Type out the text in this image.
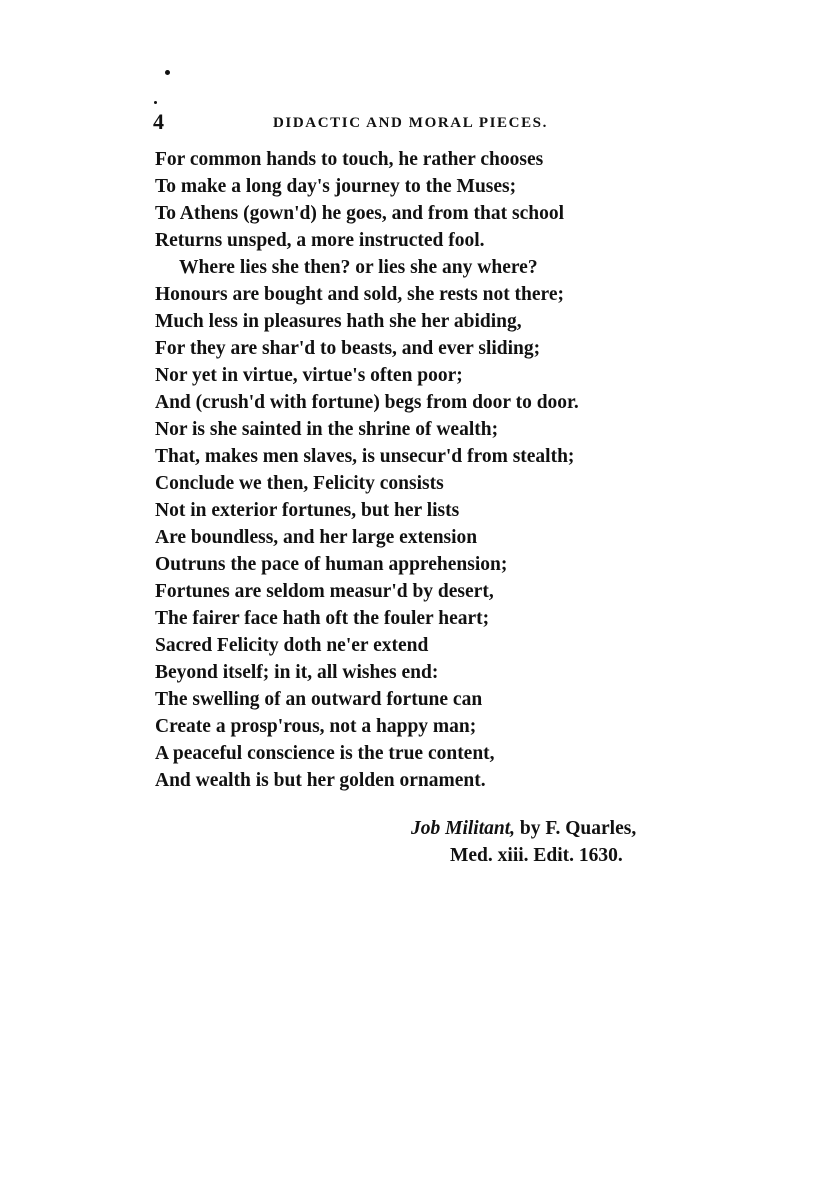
4	DIDACTIC AND MORAL PIECES.
For common hands to touch, he rather chooses
To make a long day's journey to the Muses;
To Athens (gown'd) he goes, and from that school
Returns unsped, a more instructed fool.
Where lies she then? or lies she any where?
Honours are bought and sold, she rests not there;
Much less in pleasures hath she her abiding,
For they are shar'd to beasts, and ever sliding;
Nor yet in virtue, virtue's often poor;
And (crush'd with fortune) begs from door to door.
Nor is she sainted in the shrine of wealth;
That, makes men slaves, is unsecur'd from stealth;
Conclude we then, Felicity consists
Not in exterior fortunes, but her lists
Are boundless, and her large extension
Outruns the pace of human apprehension;
Fortunes are seldom measur'd by desert,
The fairer face hath oft the fouler heart;
Sacred Felicity doth ne'er extend
Beyond itself; in it, all wishes end:
The swelling of an outward fortune can
Create a prosp'rous, not a happy man;
A peaceful conscience is the true content,
And wealth is but her golden ornament.
Job Militant, by F. Quarles,
Med. xiii. Edit. 1630.
